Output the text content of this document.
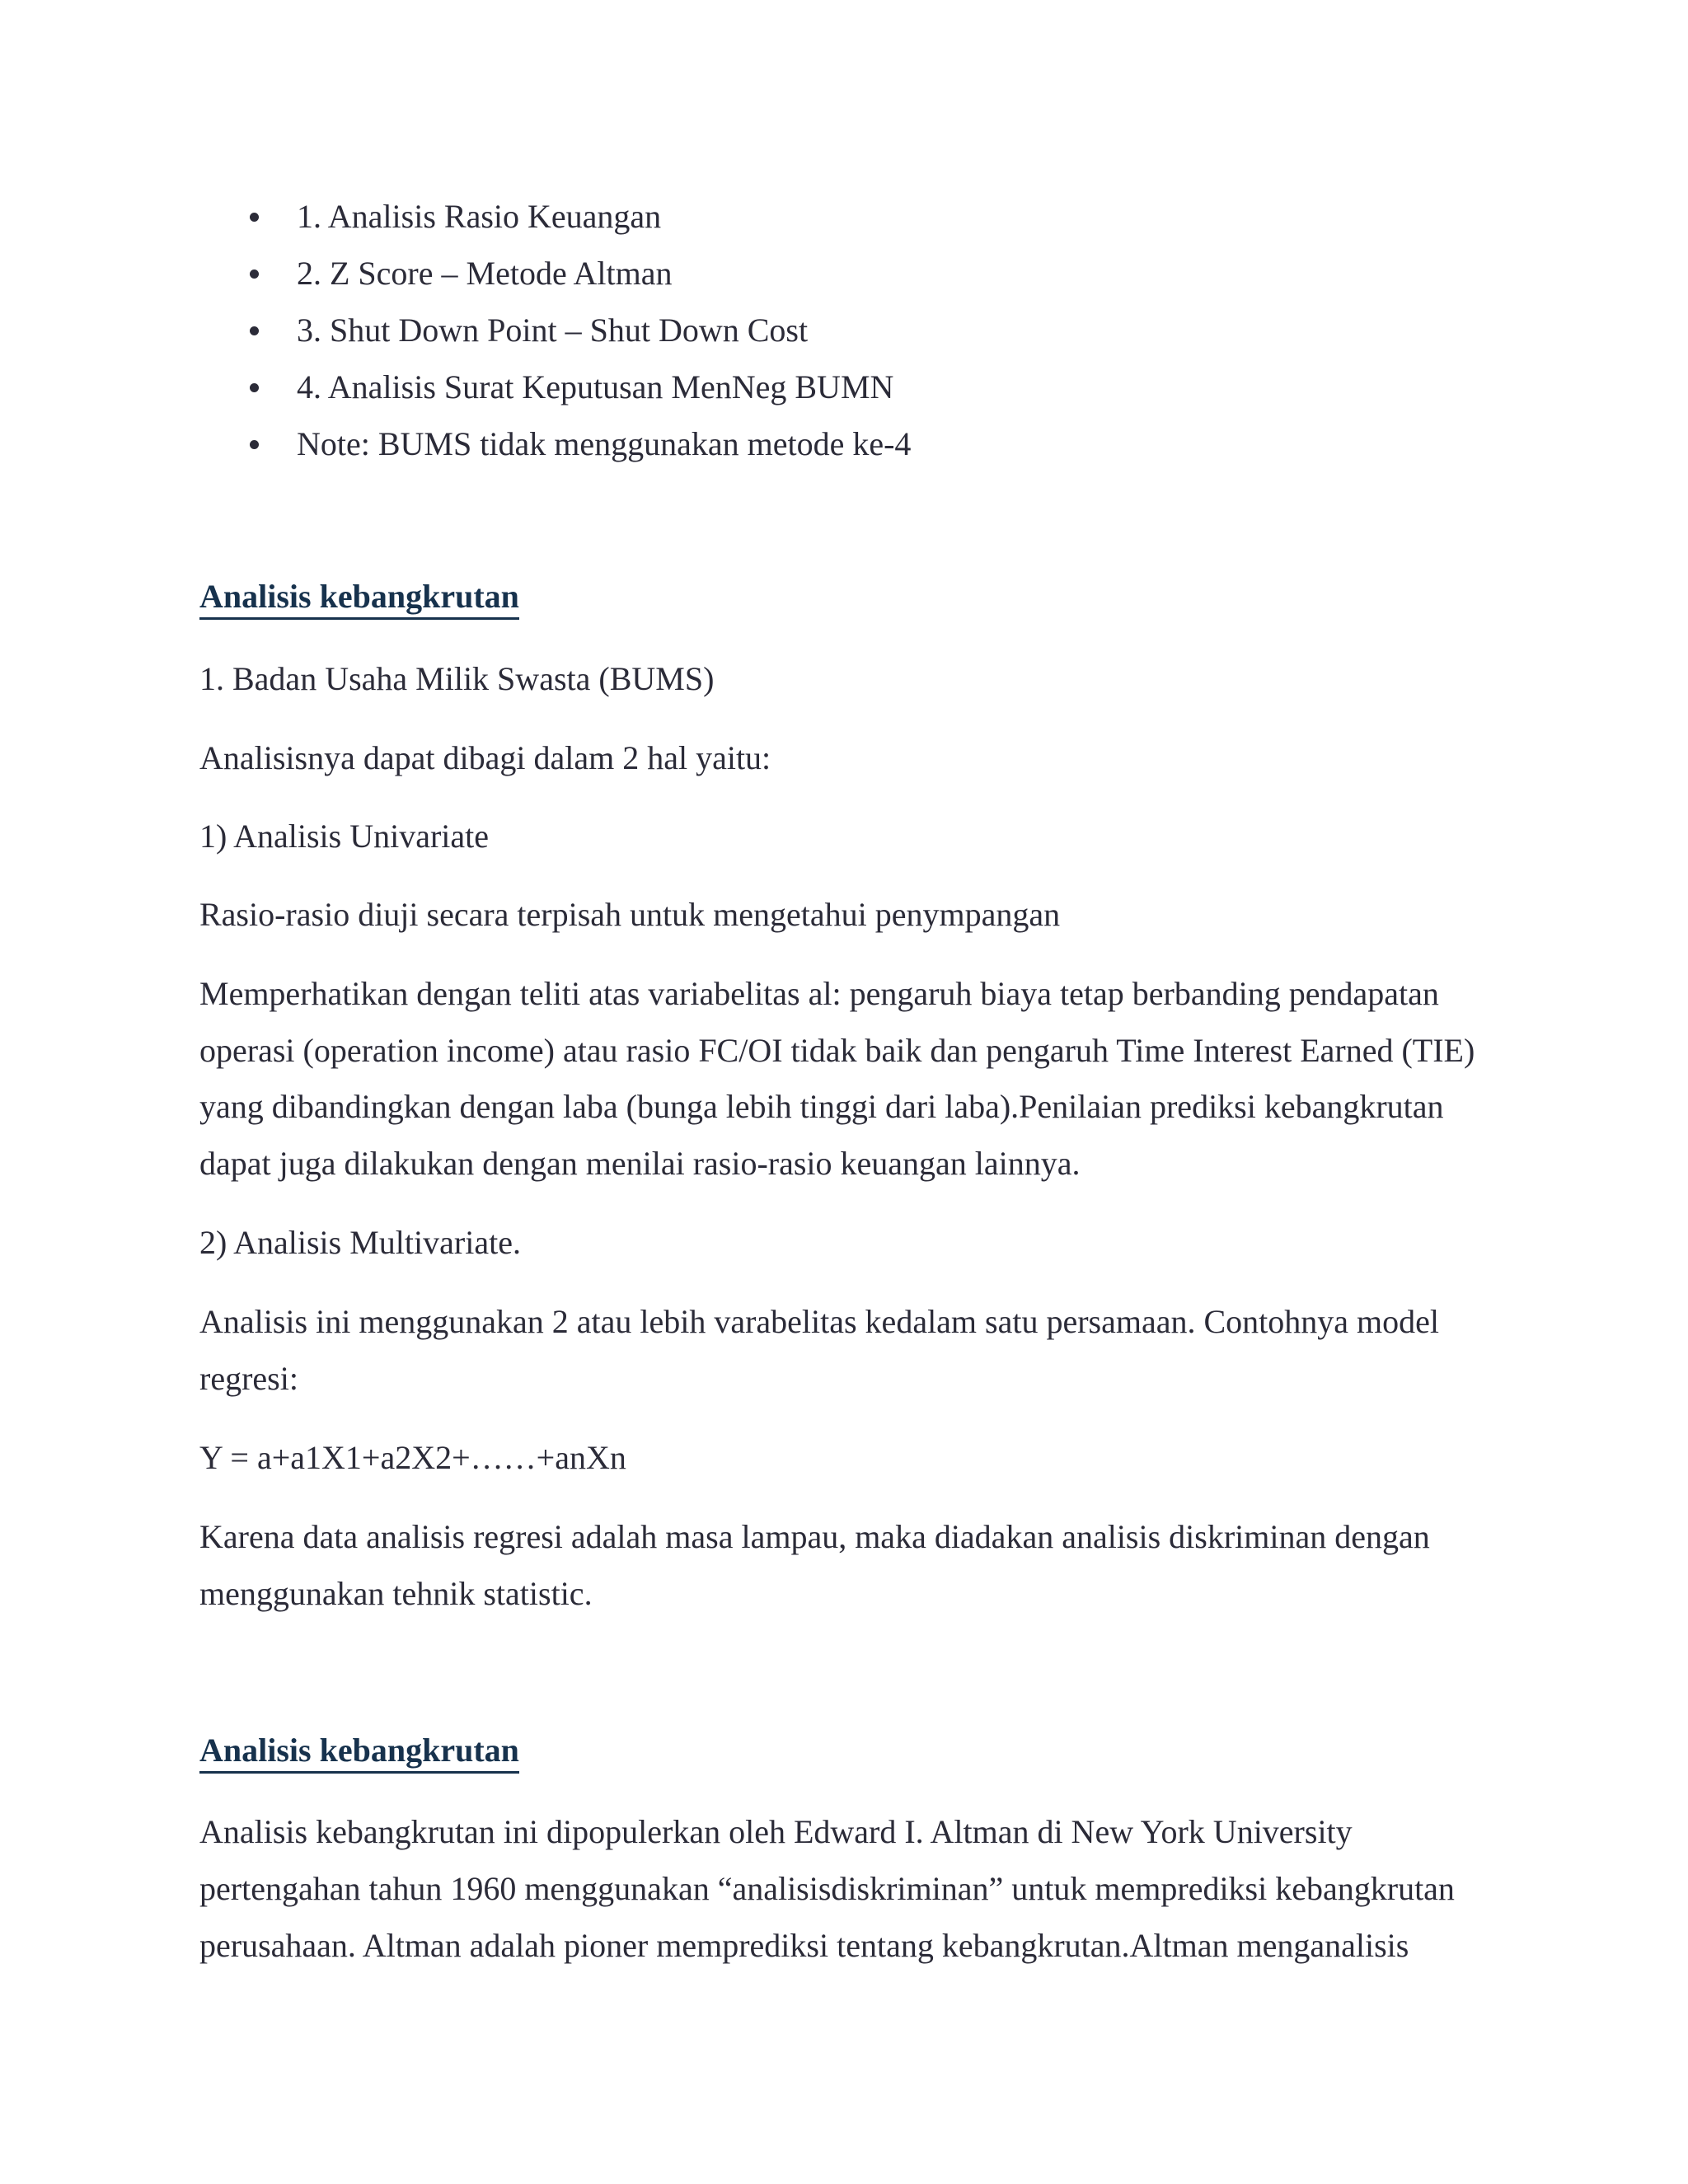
1. Analisis Rasio Keuangan
2. Z Score – Metode Altman
3. Shut Down Point – Shut Down Cost
4. Analisis Surat Keputusan MenNeg BUMN
Note: BUMS tidak menggunakan metode ke-4
Analisis kebangkrutan
1. Badan Usaha Milik Swasta (BUMS)
Analisisnya dapat dibagi dalam 2 hal yaitu:
1) Analisis Univariate
Rasio-rasio diuji secara terpisah untuk mengetahui penympangan
Memperhatikan dengan teliti atas variabelitas al: pengaruh biaya tetap berbanding pendapatan
operasi (operation income) atau rasio FC/OI tidak baik dan pengaruh Time Interest Earned (TIE)
yang dibandingkan dengan laba (bunga lebih tinggi dari laba).Penilaian prediksi kebangkrutan
dapat juga dilakukan dengan menilai rasio-rasio keuangan lainnya.
2) Analisis Multivariate.
Analisis ini menggunakan 2 atau lebih varabelitas kedalam satu persamaan. Contohnya model
regresi:
Y = a+a1X1+a2X2+……+anXn
Karena data analisis regresi adalah masa lampau, maka diadakan analisis diskriminan dengan
menggunakan tehnik statistic.
Analisis kebangkrutan
Analisis kebangkrutan ini dipopulerkan oleh Edward I. Altman di New York University
pertengahan tahun 1960 menggunakan “analisisdiskriminan” untuk memprediksi kebangkrutan
perusahaan. Altman adalah pioner memprediksi tentang kebangkrutan.Altman menganalisis
